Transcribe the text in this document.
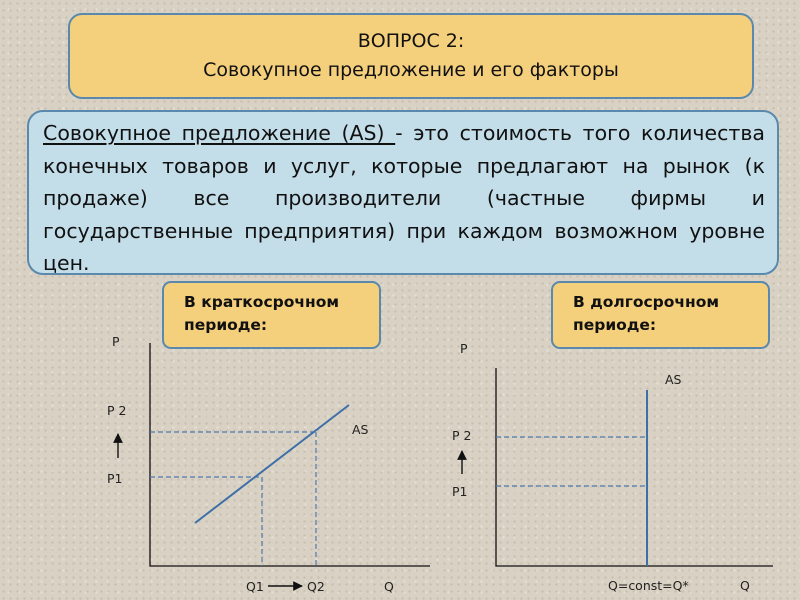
ВОПРОС 2:
Совокупное предложение и его факторы
Совокупное предложение (AS) - это стоимость того количества конечных товаров и услуг, которые предлагают на рынок (к продаже) все производители (частные фирмы и государственные предприятия) при каждом возможном уровне цен.
В краткосрочном периоде:
В долгосрочном периоде:
P
Q
P 2
P1
Q1	Q2
AS
P
Q
P 2
P1
Q=const=Q*
AS
